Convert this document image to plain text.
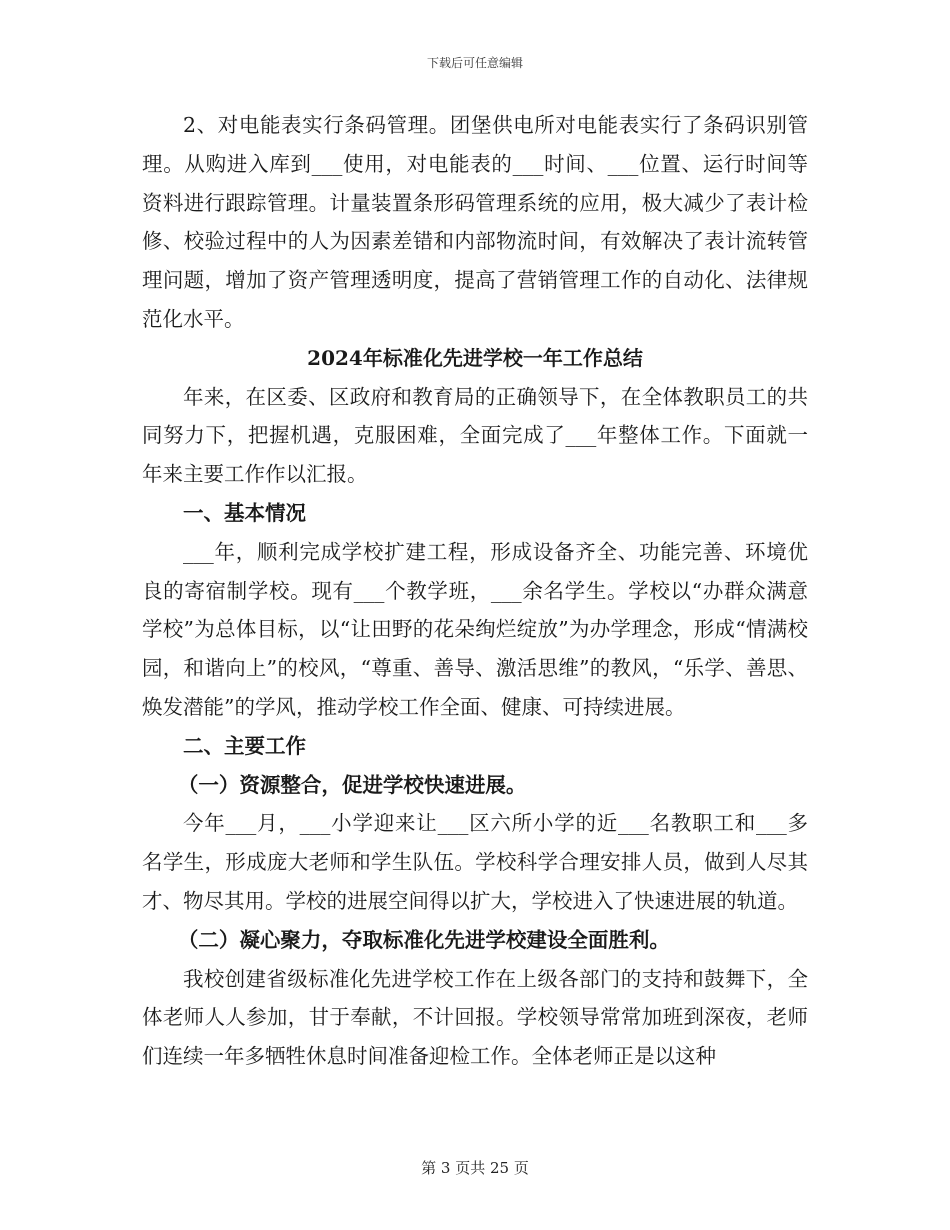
下载后可任意编辑

2、对电能表实行条码管理。团堡供电所对电能表实行了条码识别管理。从购进入库到___使用，对电能表的___时间、___位置、运行时间等资料进行跟踪管理。计量装置条形码管理系统的应用，极大减少了表计检修、校验过程中的人为因素差错和内部物流时间，有效解决了表计流转管理问题，增加了资产管理透明度，提高了营销管理工作的自动化、法律规范化水平。

2024年标准化先进学校一年工作总结

年来，在区委、区政府和教育局的正确领导下，在全体教职员工的共同努力下，把握机遇，克服困难，全面完成了___年整体工作。下面就一年来主要工作作以汇报。

一、基本情况

___年，顺利完成学校扩建工程，形成设备齐全、功能完善、环境优良的寄宿制学校。现有___个教学班，___余名学生。学校以“办群众满意学校”为总体目标，以“让田野的花朵绚烂绽放”为办学理念，形成“情满校园，和谐向上”的校风，“尊重、善导、激活思维”的教风，“乐学、善思、焕发潜能”的学风，推动学校工作全面、健康、可持续进展。

二、主要工作

（一）资源整合，促进学校快速进展。

今年___月，___小学迎来让___区六所小学的近___名教职工和___多名学生，形成庞大老师和学生队伍。学校科学合理安排人员，做到人尽其才、物尽其用。学校的进展空间得以扩大，学校进入了快速进展的轨道。

（二）凝心聚力，夺取标准化先进学校建设全面胜利。

我校创建省级标准化先进学校工作在上级各部门的支持和鼓舞下，全体老师人人参加，甘于奉献，不计回报。学校领导常常加班到深夜，老师们连续一年多牺牲休息时间准备迎检工作。全体老师正是以这种

第 3 页共 25 页
